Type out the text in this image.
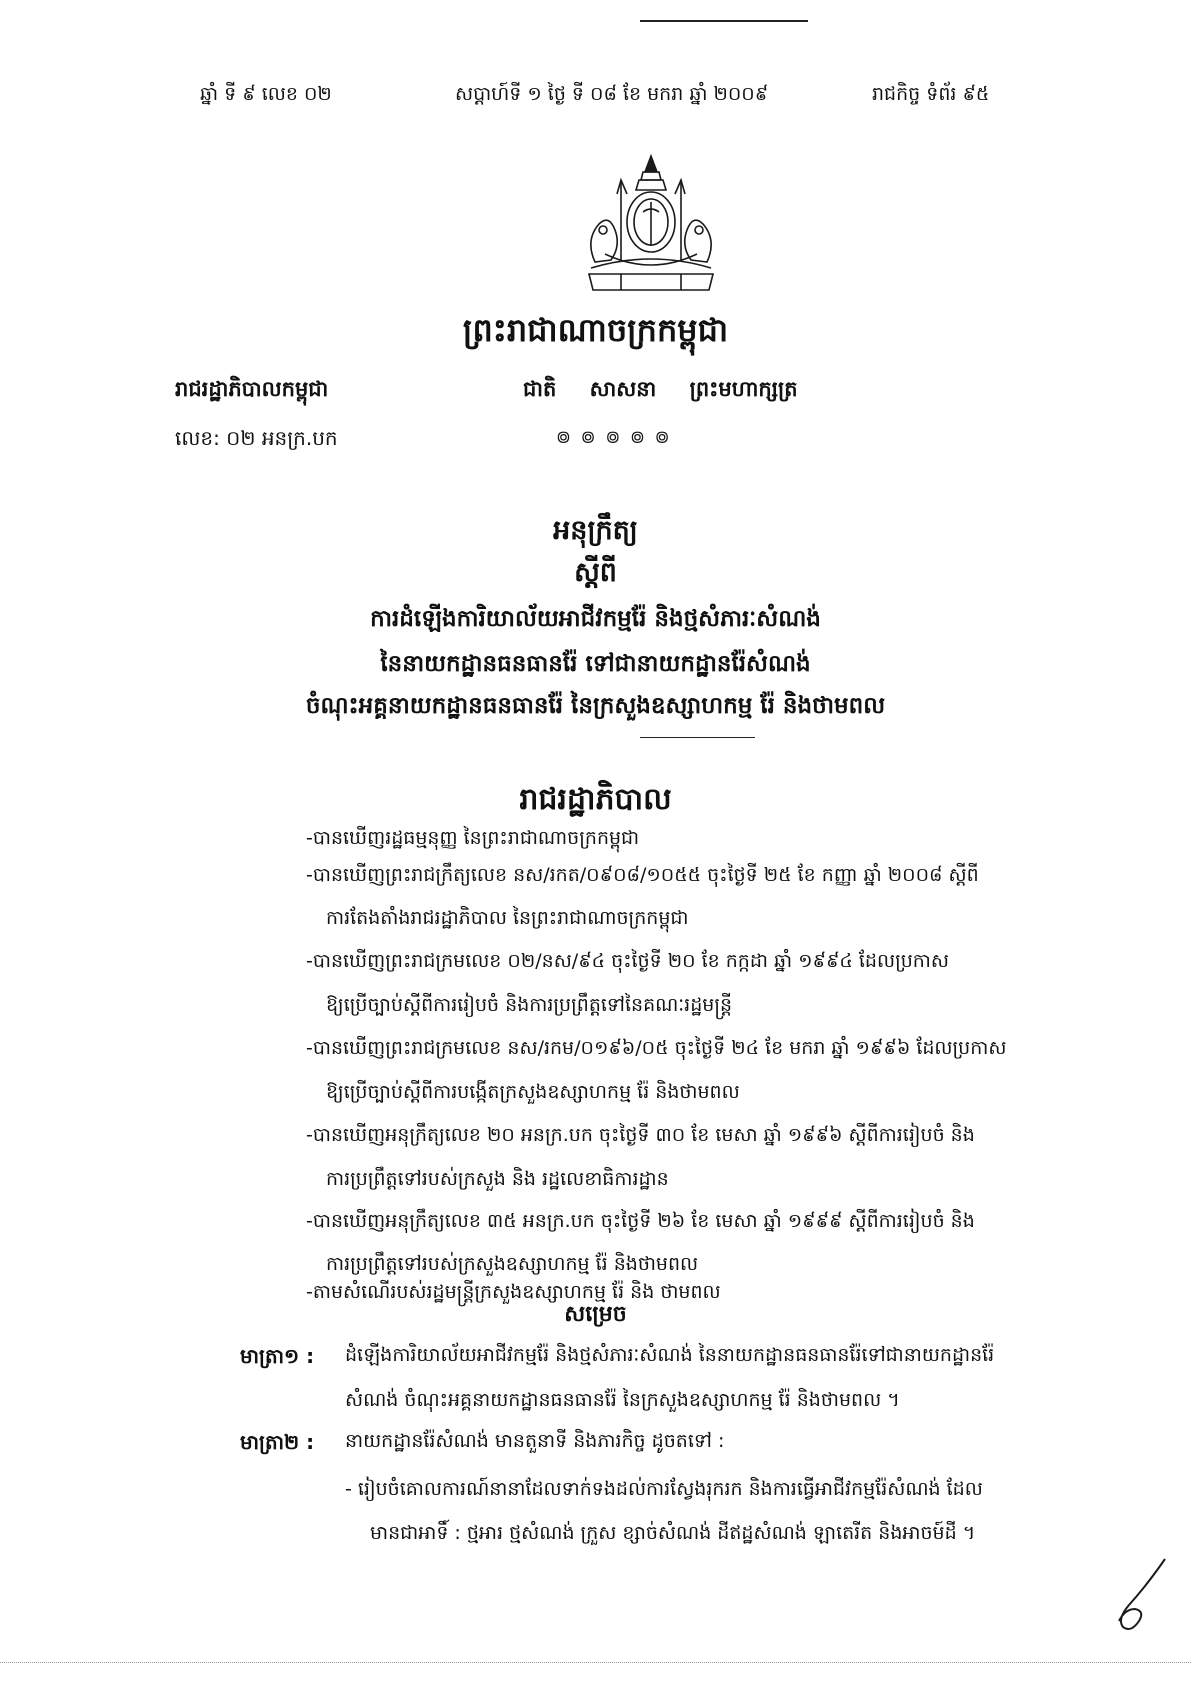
ឆ្នាំ ទី ៩ លេខ ០២	សប្តាហ៍ទី ១ ថ្ងៃ ទី ០៨ ខែ មករា ឆ្នាំ ២០០៩	រាជកិច្ច ទំព័រ ៩៥
ព្រះរាជាណាចក្រកម្ពុជា
រាជរដ្ឋាភិបាលកម្ពុជា	ជាតិ សាសនា ព្រះមហាក្សត្រ
លេខ: ០២ អនក្រ.បក	៙ ៙ ៙ ៙ ៙
អនុក្រឹត្យ
ស្តីពី
ការដំឡើងការិយាល័យអាជីវកម្មរ៉ែ និងថ្មសំភារៈសំណង់
នៃនាយកដ្ឋានធនធានរ៉ែ ទៅជានាយកដ្ឋានរ៉ែសំណង់
ចំណុះអគ្គនាយកដ្ឋានធនធានរ៉ែ នៃក្រសួងឧស្សាហកម្ម រ៉ែ និងថាមពល
រាជរដ្ឋាភិបាល
-បានឃើញរដ្ឋធម្មនុញ្ញ នៃព្រះរាជាណាចក្រកម្ពុជា
-បានឃើញព្រះរាជក្រឹត្យលេខ នស/រកត/០៩០៨/១០៥៥ ចុះថ្ងៃទី ២៥ ខែ កញ្ញា ឆ្នាំ ២០០៨ ស្តីពី
ការតែងតាំងរាជរដ្ឋាភិបាល នៃព្រះរាជាណាចក្រកម្ពុជា
-បានឃើញព្រះរាជក្រមលេខ ០២/នស/៩៤ ចុះថ្ងៃទី ២០ ខែ កក្កដា ឆ្នាំ ១៩៩៤ ដែលប្រកាស
ឱ្យប្រើច្បាប់ស្តីពីការរៀបចំ និងការប្រព្រឹត្តទៅនៃគណៈរដ្ឋមន្ត្រី
-បានឃើញព្រះរាជក្រមលេខ នស/រកម/០១៩៦/០៥ ចុះថ្ងៃទី ២៤ ខែ មករា ឆ្នាំ ១៩៩៦ ដែលប្រកាស
ឱ្យប្រើច្បាប់ស្តីពីការបង្កើតក្រសួងឧស្សាហកម្ម រ៉ែ និងថាមពល
-បានឃើញអនុក្រឹត្យលេខ ២០ អនក្រ.បក ចុះថ្ងៃទី ៣០ ខែ មេសា ឆ្នាំ ១៩៩៦ ស្តីពីការរៀបចំ និង
ការប្រព្រឹត្តទៅរបស់ក្រសួង និង រដ្ឋលេខាធិការដ្ឋាន
-បានឃើញអនុក្រឹត្យលេខ ៣៥ អនក្រ.បក ចុះថ្ងៃទី ២៦ ខែ មេសា ឆ្នាំ ១៩៩៩ ស្តីពីការរៀបចំ និង
ការប្រព្រឹត្តទៅរបស់ក្រសួងឧស្សាហកម្ម រ៉ែ និងថាមពល
-តាមសំណើរបស់រដ្ឋមន្ត្រីក្រសួងឧស្សាហកម្ម រ៉ែ និង ថាមពល
សម្រេច
មាត្រា១ : ដំឡើងការិយាល័យអាជីវកម្មរ៉ែ និងថ្មសំភារៈសំណង់ នៃនាយកដ្ឋានធនធានរ៉ែទៅជានាយកដ្ឋានរ៉ែ
សំណង់ ចំណុះអគ្គនាយកដ្ឋានធនធានរ៉ែ នៃក្រសួងឧស្សាហកម្ម រ៉ែ និងថាមពល ។
មាត្រា២ : នាយកដ្ឋានរ៉ែសំណង់ មានតួនាទី និងភារកិច្ច ដូចតទៅ :
- រៀបចំគោលការណ៍នានាដែលទាក់ទងដល់ការស្វែងរុករក និងការធ្វើអាជីវកម្មរ៉ែសំណង់ ដែល
មានជាអាទិ៍ : ថ្មអារ ថ្មសំណង់ ក្រួស ខ្សាច់សំណង់ ដីឥដ្ឋសំណង់ ឡាតេរីត និងអាចម៍ដី ។
